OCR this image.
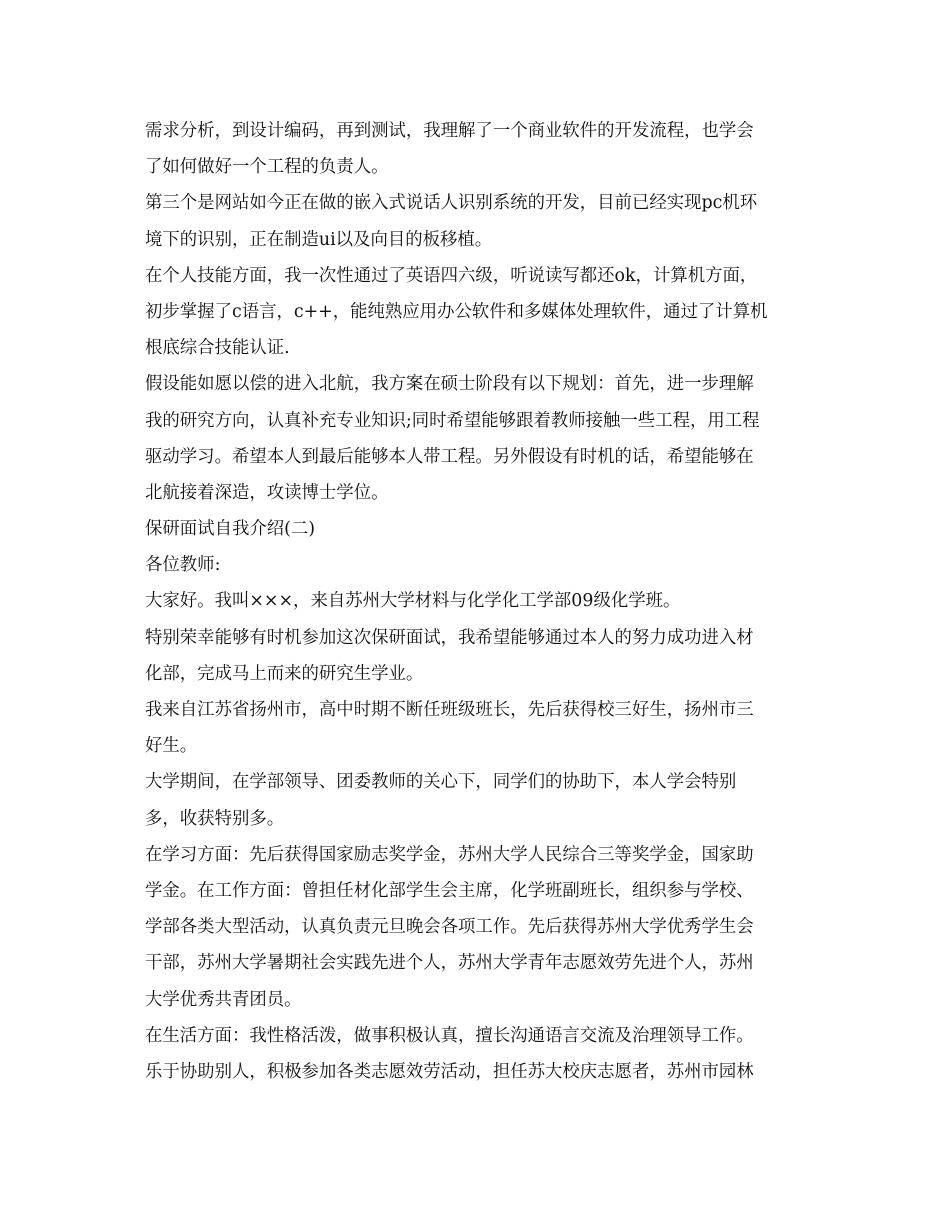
需求分析，到设计编码，再到测试，我理解了一个商业软件的开发流程，也学会
了如何做好一个工程的负责人。
第三个是网站如今正在做的嵌入式说话人识别系统的开发，目前已经实现pc机环
境下的识别，正在制造ui以及向目的板移植。
在个人技能方面，我一次性通过了英语四六级，听说读写都还ok，计算机方面，
初步掌握了c语言，c++，能纯熟应用办公软件和多媒体处理软件，通过了计算机
根底综合技能认证.
假设能如愿以偿的进入北航，我方案在硕士阶段有以下规划：首先，进一步理解
我的研究方向，认真补充专业知识;同时希望能够跟着教师接触一些工程，用工程
驱动学习。希望本人到最后能够本人带工程。另外假设有时机的话，希望能够在
北航接着深造，攻读博士学位。
保研面试自我介绍(二)
各位教师:
大家好。我叫×××，来自苏州大学材料与化学化工学部09级化学班。
特别荣幸能够有时机参加这次保研面试，我希望能够通过本人的努力成功进入材
化部，完成马上而来的研究生学业。
我来自江苏省扬州市，高中时期不断任班级班长，先后获得校三好生，扬州市三
好生。
大学期间，在学部领导、团委教师的关心下，同学们的协助下，本人学会特别
多，收获特别多。
在学习方面：先后获得国家励志奖学金，苏州大学人民综合三等奖学金，国家助
学金。在工作方面：曾担任材化部学生会主席，化学班副班长，组织参与学校、
学部各类大型活动，认真负责元旦晚会各项工作。先后获得苏州大学优秀学生会
干部，苏州大学暑期社会实践先进个人，苏州大学青年志愿效劳先进个人，苏州
大学优秀共青团员。
在生活方面：我性格活泼，做事积极认真，擅长沟通语言交流及治理领导工作。
乐于协助别人，积极参加各类志愿效劳活动，担任苏大校庆志愿者，苏州市园林
